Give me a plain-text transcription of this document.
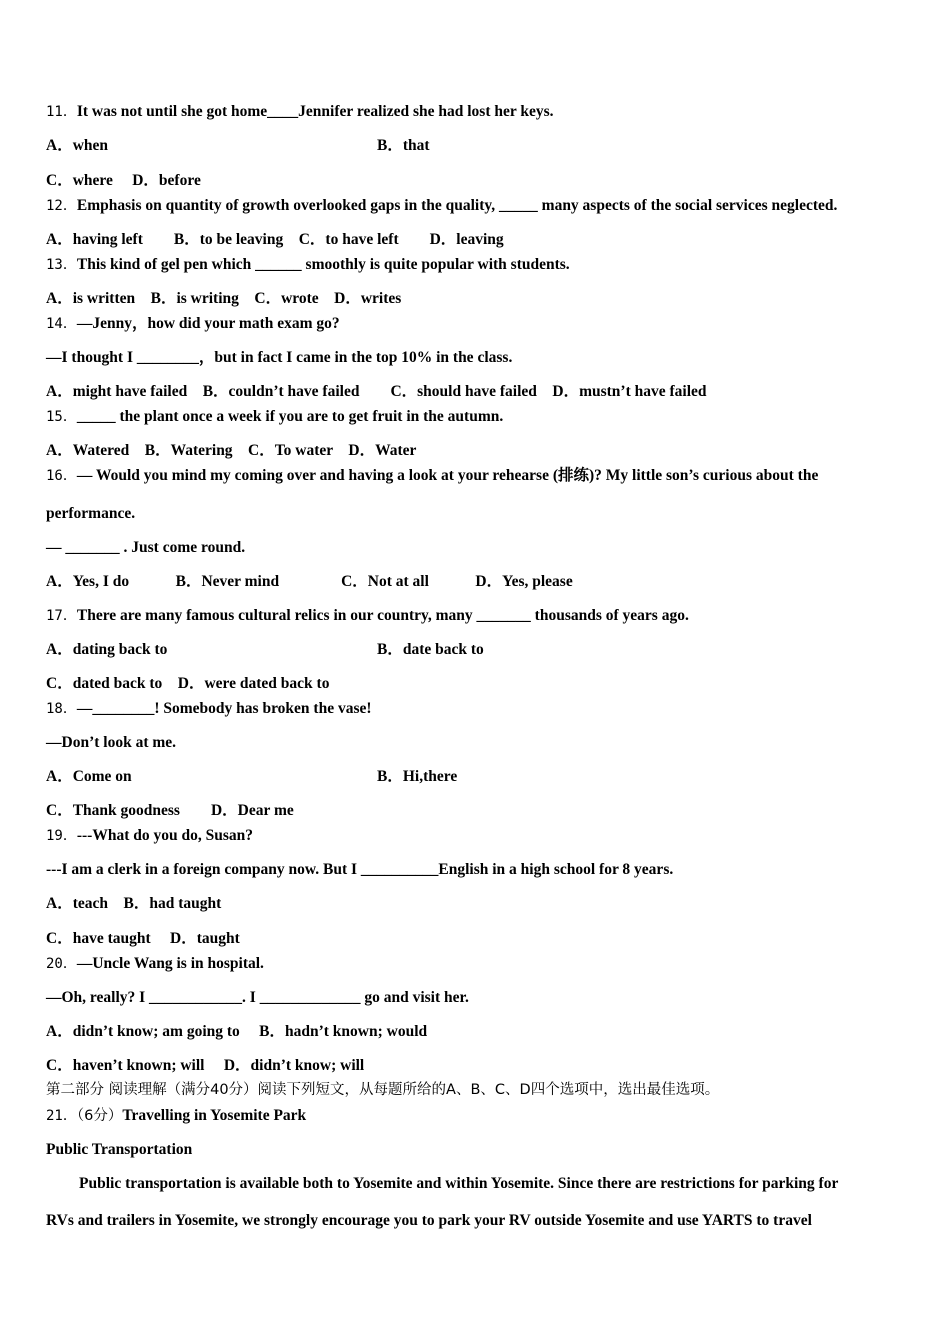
11．It was not until she got home____Jennifer realized she had lost her keys.
A．when	B．that
C．where　 D．before
12．Emphasis on quantity of growth overlooked gaps in the quality, _____ many aspects of the social services neglected.
A．having left　　B．to be leaving　C．to have left　　D．leaving
13．This kind of gel pen which ______ smoothly is quite popular with students.
A．is written　B．is writing　C．wrote　D．writes
14．—Jenny，how did your math exam go?
—I thought I ________，but in fact I came in the top 10% in the class.
A．might have failed　B．couldn’t have failed　　C．should have failed　D．mustn’t have failed
15．_____ the plant once a week if you are to get fruit in the autumn.
A．Watered　B．Watering　C．To water　D．Water
16．— Would you mind my coming over and having a look at your rehearse (排练)? My little son’s curious about the
performance.
— _______ . Just come round.
A．Yes, I do　　　B．Never mind　　　　C．Not at all　　　D．Yes, please
17．There are many famous cultural relics in our country, many _______ thousands of years ago.
A．dating back to	B．date back to
C．dated back to　D．were dated back to
18．—________! Somebody has broken the vase!
—Don’t look at me.
A．Come on	B．Hi,there
C．Thank goodness　　D．Dear me
19．---What do you do, Susan?
---I am a clerk in a foreign company now. But I __________English in a high school for 8 years.
A．teach　B．had taught
C．have taught　 D．taught
20．—Uncle Wang is in hospital.
—Oh, really? I ____________. I _____________ go and visit her.
A．didn’t know; am going to　 B．hadn’t known; would
C．haven’t known; will　 D．didn’t know; will
第二部分 阅读理解（满分40分）阅读下列短文，从每题所给的A、B、C、D四个选项中，选出最佳选项。
21．（6分）Travelling in Yosemite Park
Public Transportation
Public transportation is available both to Yosemite and within Yosemite. Since there are restrictions for parking for
RVs and trailers in Yosemite, we strongly encourage you to park your RV outside Yosemite and use YARTS to travel
